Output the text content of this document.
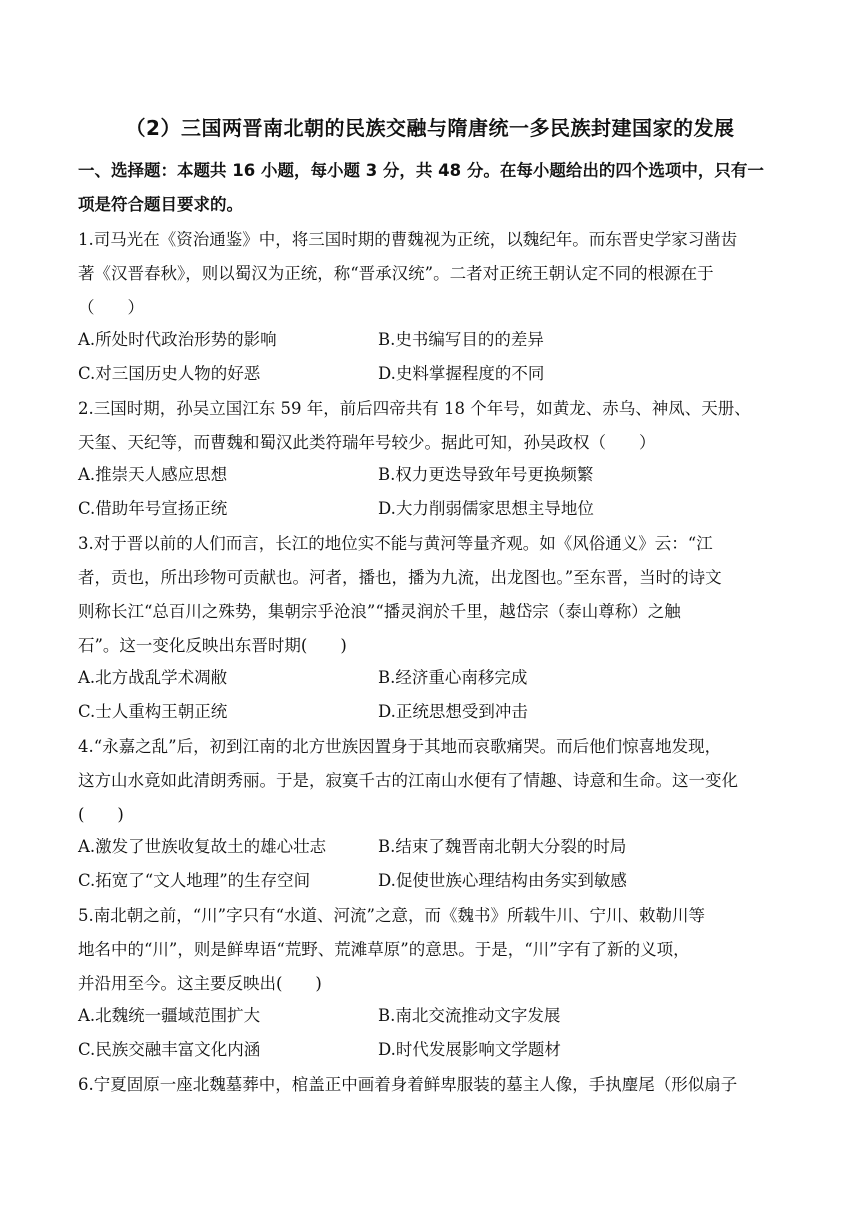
（2）三国两晋南北朝的民族交融与隋唐统一多民族封建国家的发展
一、选择题：本题共 16 小题，每小题 3 分，共 48 分。在每小题给出的四个选项中，只有一
项是符合题目要求的。
1.司马光在《资治通鉴》中，将三国时期的曹魏视为正统，以魏纪年。而东晋史学家习凿齿
著《汉晋春秋》，则以蜀汉为正统，称“晋承汉统”。二者对正统王朝认定不同的根源在于
（　　）
A.所处时代政治形势的影响	B.史书编写目的的差异
C.对三国历史人物的好恶	D.史料掌握程度的不同
2.三国时期，孙吴立国江东 59 年，前后四帝共有 18 个年号，如黄龙、赤乌、神凤、天册、
天玺、天纪等，而曹魏和蜀汉此类符瑞年号较少。据此可知，孙吴政权（　　）
A.推崇天人感应思想	B.权力更迭导致年号更换频繁
C.借助年号宣扬正统	D.大力削弱儒家思想主导地位
3.对于晋以前的人们而言，长江的地位实不能与黄河等量齐观。如《风俗通义》云：“江
者，贡也，所出珍物可贡献也。河者，播也，播为九流，出龙图也。”至东晋，当时的诗文
则称长江“总百川之殊势，集朝宗乎沧浪”“播灵润於千里，越岱宗（泰山尊称）之触
石”。这一变化反映出东晋时期(　　)
A.北方战乱学术凋敝	B.经济重心南移完成
C.士人重构王朝正统	D.正统思想受到冲击
4.“永嘉之乱”后，初到江南的北方世族因置身于其地而哀歌痛哭。而后他们惊喜地发现，
这方山水竟如此清朗秀丽。于是，寂寞千古的江南山水便有了情趣、诗意和生命。这一变化
(　　)
A.激发了世族收复故土的雄心壮志	B.结束了魏晋南北朝大分裂的时局
C.拓宽了“文人地理”的生存空间	D.促使世族心理结构由务实到敏感
5.南北朝之前，“川”字只有“水道、河流”之意，而《魏书》所载牛川、宁川、敕勒川等
地名中的“川”，则是鲜卑语“荒野、荒滩草原”的意思。于是，“川”字有了新的义项，
并沿用至今。这主要反映出(　　)
A.北魏统一疆域范围扩大	B.南北交流推动文字发展
C.民族交融丰富文化内涵	D.时代发展影响文学题材
6.宁夏固原一座北魏墓葬中，棺盖正中画着身着鲜卑服装的墓主人像，手执麈尾（形似扇子
